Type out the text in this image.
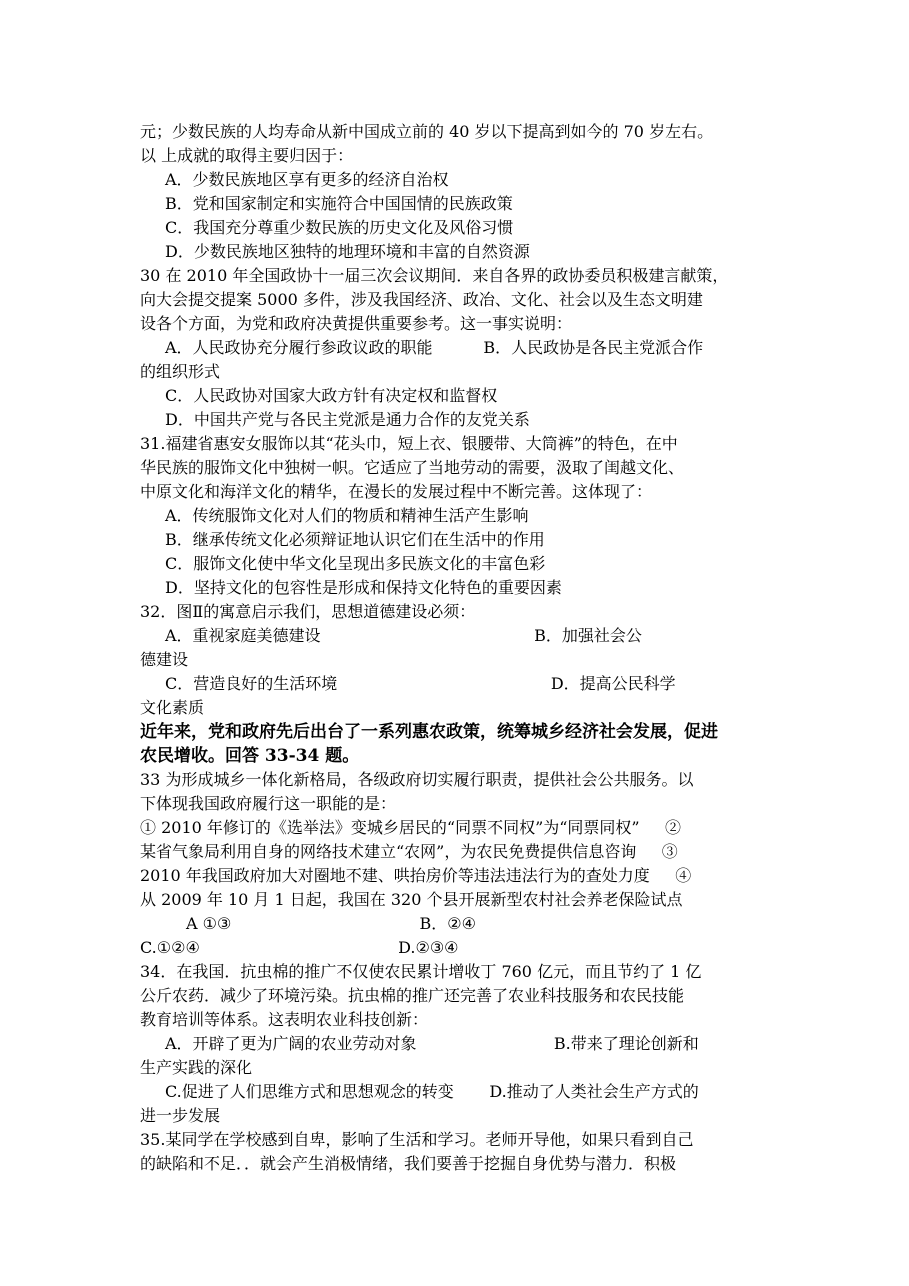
元；少数民族的人均寿命从新中国成立前的 40 岁以下提高到如今的 70 岁左右。
以 上成就的取得主要归因于：
A．少数民族地区享有更多的经济自治权
B．党和国家制定和实施符合中国国情的民族政策
C．我国充分尊重少数民族的历史文化及风俗习惯
D．少数民族地区独特的地理环境和丰富的自然资源
30 在 2010 年全国政协十一届三次会议期间．来自各界的政协委员积极建言献策，
向大会提交提案 5000 多件，涉及我国经济、政冶、文化、社会以及生态文明建
设各个方面，为党和政府决黄提供重要参考。这一事实说明：
A．人民政协充分履行参政议政的职能          B．人民政协是各民主党派合作
的组织形式
C．人民政协对国家大政方针有决定权和监督权
D．中国共产党与各民主党派是通力合作的友党关系
31.福建省惠安女服饰以其“花头巾，短上衣、银腰带、大筒裤”的特色，在中
华民族的服饰文化中独树一帜。它适应了当地劳动的需要，汲取了闺越文化、
中原文化和海洋文化的精华，在漫长的发展过程中不断完善。这体现了：
A．传统服饰文化对人们的物质和精神生活产生影响
B．继承传统文化必须辩证地认识它们在生活中的作用
C．服饰文化使中华文化呈现出多民族文化的丰富色彩
D．坚持文化的包容性是形成和保持文化特色的重要因素
32．图Ⅱ的寓意启示我们，思想道德建设必须：
A．重视家庭美德建设                                          B．加强社会公
德建设
C．营造良好的生活环境                                          D．提高公民科学
文化素质
近年来，党和政府先后出台了一系列惠农政策，统筹城乡经济社会发展，促进
农民增收。回答 33-34 题。
33 为形成城乡一体化新格局，各级政府切实履行职责，提供社会公共服务。以
下体现我国政府履行这一职能的是：
① 2010 年修订的《选举法》变城乡居民的“同票不同权”为“同票同权”     ②
某省气象局利用自身的网络技术建立“农网”，为农民免费提供信息咨询     ③
2010 年我国政府加大对圈地不建、哄抬房价等违法违法行为的查处力度     ④
从 2009 年 10 月 1 日起，我国在 320 个县开展新型农村社会养老保险试点
A ①③                                     B．②④
C.①②④                                       D.②③④
34．在我国．抗虫棉的推广不仅使农民累计增收丁 760 亿元，而且节约了 1 亿
公斤农药．减少了环境污染。抗虫棉的推广还完善了农业科技服务和农民技能
教育培训等体系。这表明农业科技创新：
A．开辟了更为广阔的农业劳动对象                           B.带来了理论创新和
生产实践的深化
C.促进了人们思维方式和思想观念的转变       D.推动了人类社会生产方式的
进一步发展
35.某同学在学校感到自卑，影响了生活和学习。老师开导他，如果只看到自己
的缺陷和不足．．就会产生消极情绪，我们要善于挖掘自身优势与潜力．积极
